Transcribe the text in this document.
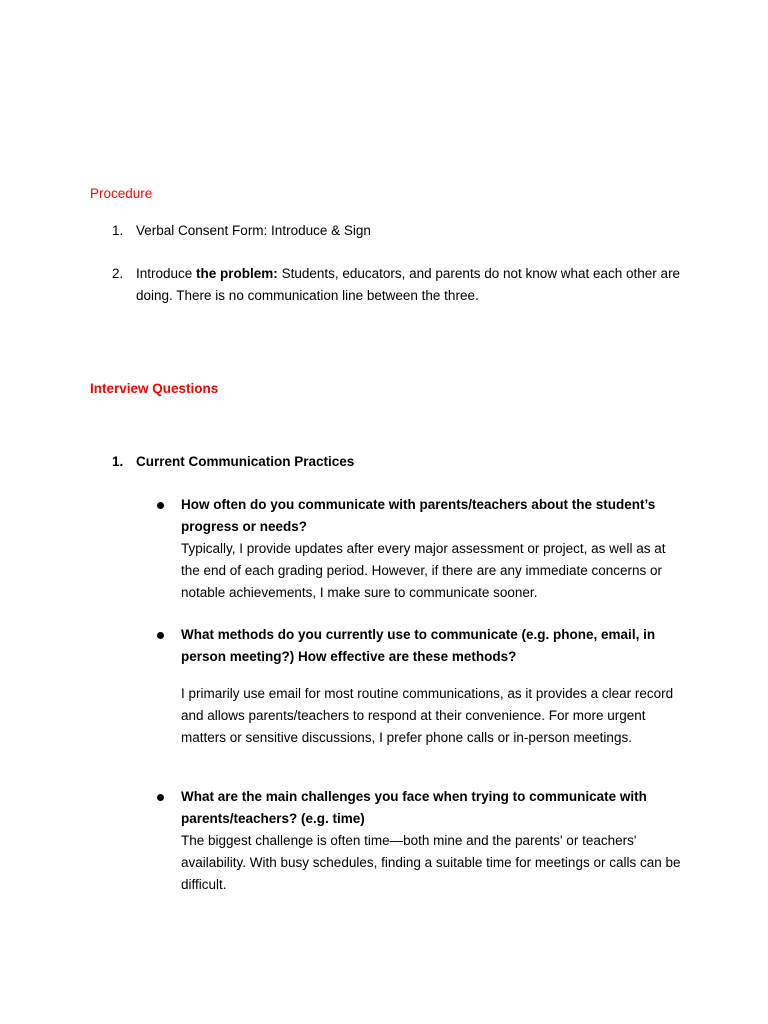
Procedure
1. Verbal Consent Form: Introduce & Sign
2. Introduce the problem: Students, educators, and parents do not know what each other are doing. There is no communication line between the three.
Interview Questions
1. Current Communication Practices
How often do you communicate with parents/teachers about the student’s progress or needs?
Typically, I provide updates after every major assessment or project, as well as at the end of each grading period. However, if there are any immediate concerns or notable achievements, I make sure to communicate sooner.
What methods do you currently use to communicate (e.g. phone, email, in person meeting?) How effective are these methods?
I primarily use email for most routine communications, as it provides a clear record and allows parents/teachers to respond at their convenience. For more urgent matters or sensitive discussions, I prefer phone calls or in-person meetings.
What are the main challenges you face when trying to communicate with parents/teachers? (e.g. time)
The biggest challenge is often time—both mine and the parents' or teachers' availability. With busy schedules, finding a suitable time for meetings or calls can be difficult.
